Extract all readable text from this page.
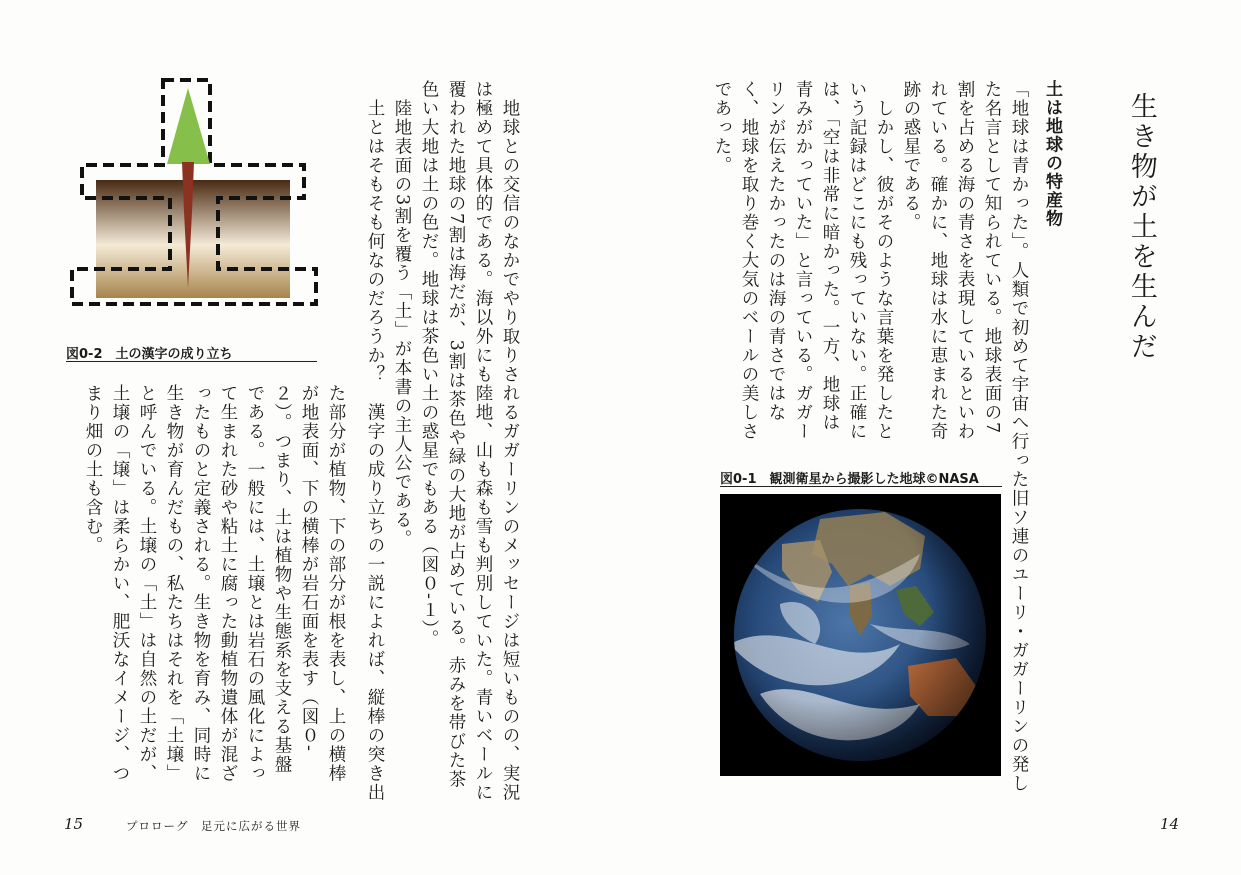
生き物が土を生んだ

土は地球の特産物

「地球は青かった」。人類で初めて宇宙へ行った旧ソ連のユーリ・ガガーリンの発し

た名言として知られている。地球表面の7

割を占める海の青さを表現しているといわ

れている。確かに、地球は水に恵まれた奇

跡の惑星である。

　しかし、彼がそのような言葉を発したと

いう記録はどこにも残っていない。正確に

は、「空は非常に暗かった。一方、地球は

青みがかっていた」と言っている。ガガー

リンが伝えたかったのは海の青さではな

く、地球を取り巻く大気のベールの美しさ

であった。

図0-1　観測衛星から撮影した地球©NASA
14

　地球との交信のなかでやり取りされるガガーリンのメッセージは短いものの、実況

は極めて具体的である。海以外にも陸地、山も森も雪も判別していた。青いベールに

覆われた地球の7割は海だが、3割は茶色や緑の大地が占めている。赤みを帯びた茶

色い大地は土の色だ。地球は茶色い土の惑星でもある（図０‐１）。

　陸地表面の3割を覆う「土」が本書の主人公である。

　土とはそもそも何なのだろうか？　漢字の成り立ちの一説によれば、縦棒の突き出

た部分が植物、下の部分が根を表し、上の横棒

が地表面、下の横棒が岩石面を表す（図０‐

２）。つまり、土は植物や生態系を支える基盤

である。一般には、土壌とは岩石の風化によっ

て生まれた砂や粘土に腐った動植物遺体が混ざ

ったものと定義される。生き物を育み、同時に

生き物が育んだもの、私たちはそれを「土壌」

と呼んでいる。土壌の「土」は自然の土だが、

土壌の「壌」は柔らかい、肥沃なイメージ、つ

まり畑の土も含む。

図0-2　土の漢字の成り立ち
15	プロローグ　足元に広がる世界
